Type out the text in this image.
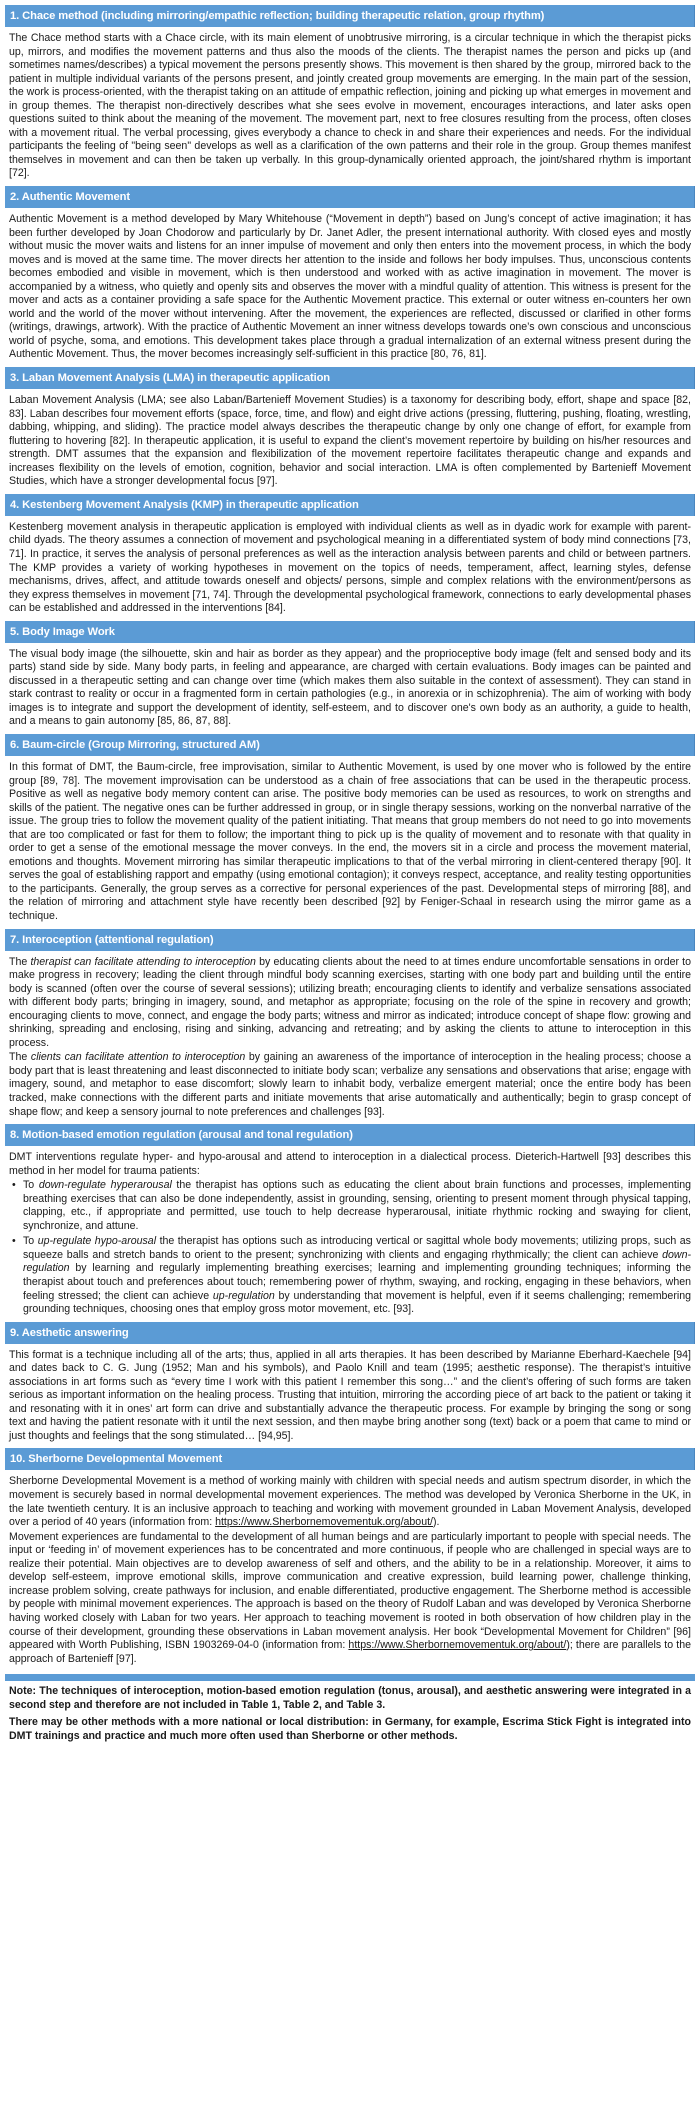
1. Chace method (including mirroring/empathic reflection; building therapeutic relation, group rhythm)

The Chace method starts with a Chace circle, with its main element of unobtrusive mirroring, is a circular technique in which the therapist picks up, mirrors, and modifies the movement patterns and thus also the moods of the clients. The therapist names the person and picks up (and sometimes names/describes) a typical movement the persons presently shows. This movement is then shared by the group, mirrored back to the patient in multiple individual variants of the persons present, and jointly created group movements are emerging. In the main part of the session, the work is process-oriented, with the therapist taking on an attitude of empathic reflection, joining and picking up what emerges in movement and in group themes. The therapist non-directively describes what she sees evolve in movement, encourages interactions, and later asks open questions suited to think about the meaning of the movement. The movement part, next to free closures resulting from the process, often closes with a movement ritual. The verbal processing, gives everybody a chance to check in and share their experiences and needs. For the individual participants the feeling of "being seen" develops as well as a clarification of the own patterns and their role in the group. Group themes manifest themselves in movement and can then be taken up verbally. In this group-dynamically oriented approach, the joint/shared rhythm is important [72].

2. Authentic Movement

Authentic Movement is a method developed by Mary Whitehouse (“Movement in depth”) based on Jung’s concept of active imagination; it has been further developed by Joan Chodorow and particularly by Dr. Janet Adler, the present international authority. With closed eyes and mostly without music the mover waits and listens for an inner impulse of movement and only then enters into the movement process, in which the body moves and is moved at the same time. The mover directs her attention to the inside and follows her body impulses. Thus, unconscious contents becomes embodied and visible in movement, which is then understood and worked with as active imagination in movement. The mover is accompanied by a witness, who quietly and openly sits and observes the mover with a mindful quality of attention. This witness is present for the mover and acts as a container providing a safe space for the Authentic Movement practice. This external or outer witness en-counters her own world and the world of the mover without intervening. After the movement, the experiences are reflected, discussed or clarified in other forms (writings, drawings, artwork). With the practice of Authentic Movement an inner witness develops towards one’s own conscious and unconscious world of psyche, soma, and emotions. This development takes place through a gradual internalization of an external witness present during the Authentic Movement. Thus, the mover becomes increasingly self-sufficient in this practice [80, 76, 81].

3. Laban Movement Analysis (LMA) in therapeutic application

Laban Movement Analysis (LMA; see also Laban/Bartenieff Movement Studies) is a taxonomy for describing body, effort, shape and space [82, 83]. Laban describes four movement efforts (space, force, time, and flow) and eight drive actions (pressing, fluttering, pushing, floating, wrestling, dabbing, whipping, and sliding). The practice model always describes the therapeutic change by only one change of effort, for example from fluttering to hovering [82]. In therapeutic application, it is useful to expand the client’s movement repertoire by building on his/her resources and strength. DMT assumes that the expansion and flexibilization of the movement repertoire facilitates therapeutic change and expands and increases flexibility on the levels of emotion, cognition, behavior and social interaction. LMA is often complemented by Bartenieff Movement Studies, which have a stronger developmental focus [97].

4. Kestenberg Movement Analysis (KMP) in therapeutic application

Kestenberg movement analysis in therapeutic application is employed with individual clients as well as in dyadic work for example with parent-child dyads. The theory assumes a connection of movement and psychological meaning in a differentiated system of body mind connections [73, 71]. In practice, it serves the analysis of personal preferences as well as the interaction analysis between parents and child or between partners. The KMP provides a variety of working hypotheses in movement on the topics of needs, temperament, affect, learning styles, defense mechanisms, drives, affect, and attitude towards oneself and objects/ persons, simple and complex relations with the environment/persons as they express themselves in movement [71, 74]. Through the developmental psychological framework, connections to early developmental phases can be established and addressed in the interventions [84].

5. Body Image Work

The visual body image (the silhouette, skin and hair as border as they appear) and the proprioceptive body image (felt and sensed body and its parts) stand side by side. Many body parts, in feeling and appearance, are charged with certain evaluations. Body images can be painted and discussed in a therapeutic setting and can change over time (which makes them also suitable in the context of assessment). They can stand in stark contrast to reality or occur in a fragmented form in certain pathologies (e.g., in anorexia or in schizophrenia). The aim of working with body images is to integrate and support the development of identity, self-esteem, and to discover one's own body as an authority, a guide to health, and a means to gain autonomy [85, 86, 87, 88].

6. Baum-circle (Group Mirroring, structured AM)

In this format of DMT, the Baum-circle, free improvisation, similar to Authentic Movement, is used by one mover who is followed by the entire group [89, 78]. The movement improvisation can be understood as a chain of free associations that can be used in the therapeutic process. Positive as well as negative body memory content can arise. The positive body memories can be used as resources, to work on strengths and skills of the patient. The negative ones can be further addressed in group, or in single therapy sessions, working on the nonverbal narrative of the issue. The group tries to follow the movement quality of the patient initiating. That means that group members do not need to go into movements that are too complicated or fast for them to follow; the important thing to pick up is the quality of movement and to resonate with that quality in order to get a sense of the emotional message the mover conveys. In the end, the movers sit in a circle and process the movement material, emotions and thoughts. Movement mirroring has similar therapeutic implications to that of the verbal mirroring in client-centered therapy [90]. It serves the goal of establishing rapport and empathy (using emotional contagion); it conveys respect, acceptance, and reality testing opportunities to the participants. Generally, the group serves as a corrective for personal experiences of the past. Developmental steps of mirroring [88], and the relation of mirroring and attachment style have recently been described [92] by Feniger-Schaal in research using the mirror game as a technique.

7. Interoception (attentional regulation)

The therapist can facilitate attending to interoception by educating clients about the need to at times endure uncomfortable sensations in order to make progress in recovery; leading the client through mindful body scanning exercises, starting with one body part and building until the entire body is scanned (often over the course of several sessions); utilizing breath; encouraging clients to identify and verbalize sensations associated with different body parts; bringing in imagery, sound, and metaphor as appropriate; focusing on the role of the spine in recovery and growth; encouraging clients to move, connect, and engage the body parts; witness and mirror as indicated; introduce concept of shape flow: growing and shrinking, spreading and enclosing, rising and sinking, advancing and retreating; and by asking the clients to attune to interoception in this process.

The clients can facilitate attention to interoception by gaining an awareness of the importance of interoception in the healing process; choose a body part that is least threatening and least disconnected to initiate body scan; verbalize any sensations and observations that arise; engage with imagery, sound, and metaphor to ease discomfort; slowly learn to inhabit body, verbalize emergent material; once the entire body has been tracked, make connections with the different parts and initiate movements that arise automatically and authentically; begin to grasp concept of shape flow; and keep a sensory journal to note preferences and challenges [93].

8. Motion-based emotion regulation (arousal and tonal regulation)

DMT interventions regulate hyper- and hypo-arousal and attend to interoception in a dialectical process. Dieterich-Hartwell [93] describes this method in her model for trauma patients:

• To down-regulate hyperarousal the therapist has options such as educating the client about brain functions and processes, implementing breathing exercises that can also be done independently, assist in grounding, sensing, orienting to present moment through physical tapping, clapping, etc., if appropriate and permitted, use touch to help decrease hyperarousal, initiate rhythmic rocking and swaying for client, synchronize, and attune.
• To up-regulate hypo-arousal the therapist has options such as introducing vertical or sagittal whole body movements; utilizing props, such as squeeze balls and stretch bands to orient to the present; synchronizing with clients and engaging rhythmically; the client can achieve down-regulation by learning and regularly implementing breathing exercises; learning and implementing grounding techniques; informing the therapist about touch and preferences about touch; remembering power of rhythm, swaying, and rocking, engaging in these behaviors, when feeling stressed; the client can achieve up-regulation by understanding that movement is helpful, even if it seems challenging; remembering grounding techniques, choosing ones that employ gross motor movement, etc. [93].
9. Aesthetic answering

This format is a technique including all of the arts; thus, applied in all arts therapies. It has been described by Marianne Eberhard-Kaechele [94] and dates back to C. G. Jung (1952; Man and his symbols), and Paolo Knill and team (1995; aesthetic response). The therapist’s intuitive associations in art forms such as “every time I work with this patient I remember this song…” and the client’s offering of such forms are taken serious as important information on the healing process. Trusting that intuition, mirroring the according piece of art back to the patient or taking it and resonating with it in ones’ art form can drive and substantially advance the therapeutic process. For example by bringing the song or song text and having the patient resonate with it until the next session, and then maybe bring another song (text) back or a poem that came to mind or just thoughts and feelings that the song stimulated… [94,95].

10. Sherborne Developmental Movement

Sherborne Developmental Movement is a method of working mainly with children with special needs and autism spectrum disorder, in which the movement is securely based in normal developmental movement experiences. The method was developed by Veronica Sherborne in the UK, in the late twentieth century. It is an inclusive approach to teaching and working with movement grounded in Laban Movement Analysis, developed over a period of 40 years (information from: https://www.Sherbornemovementuk.org/about/).

Movement experiences are fundamental to the development of all human beings and are particularly important to people with special needs. The input or ‘feeding in’ of movement experiences has to be concentrated and more continuous, if people who are challenged in special ways are to realize their potential. Main objectives are to develop awareness of self and others, and the ability to be in a relationship. Moreover, it aims to develop self-esteem, improve emotional skills, improve communication and creative expression, build learning power, challenge thinking, increase problem solving, create pathways for inclusion, and enable differentiated, productive engagement. The Sherborne method is accessible by people with minimal movement experiences. The approach is based on the theory of Rudolf Laban and was developed by Veronica Sherborne having worked closely with Laban for two years. Her approach to teaching movement is rooted in both observation of how children play in the course of their development, grounding these observations in Laban movement analysis. Her book “Developmental Movement for Children” [96] appeared with Worth Publishing, ISBN 1903269-04-0 (information from: https://www.Sherbornemovementuk.org/about/); there are parallels to the approach of Bartenieff [97].

Note: The techniques of interoception, motion-based emotion regulation (tonus, arousal), and aesthetic answering were integrated in a second step and therefore are not included in Table 1, Table 2, and Table 3.

There may be other methods with a more national or local distribution: in Germany, for example, Escrima Stick Fight is integrated into DMT trainings and practice and much more often used than Sherborne or other methods.
